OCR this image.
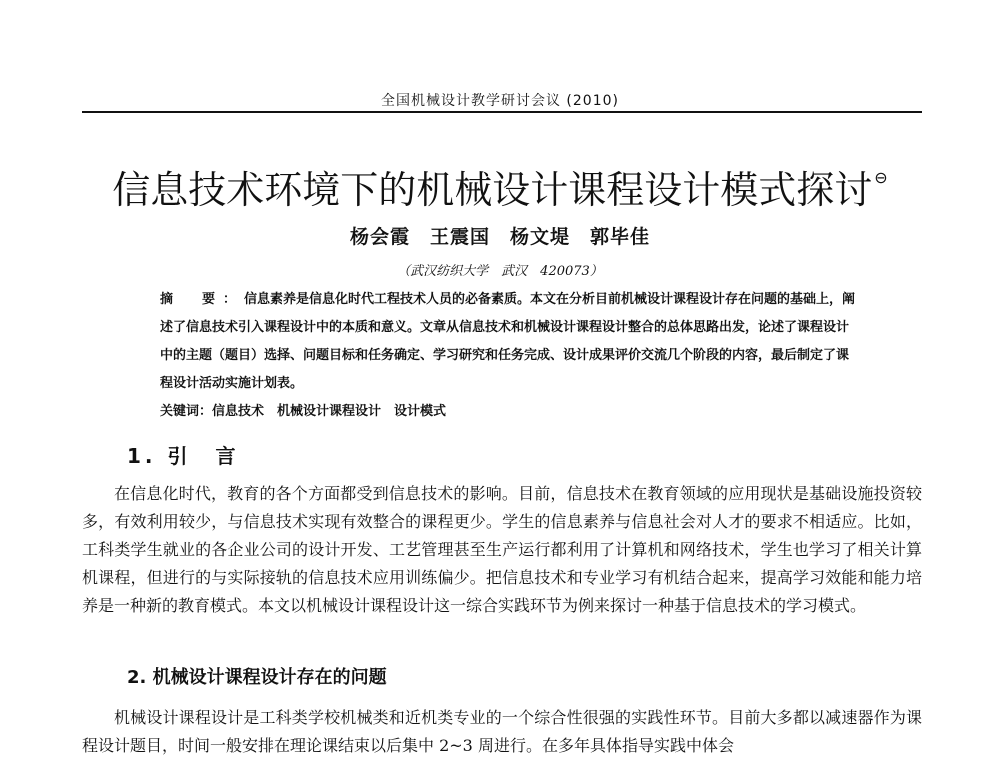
全国机械设计教学研讨会议 (2010)
信息技术环境下的机械设计课程设计模式探讨 ⊖
杨会霞　王震国　杨文堤　郭毕佳
（武汉纺织大学　武汉　420073）

摘　要：信息素养是信息化时代工程技术人员的必备素质。本文在分析目前机械设计课程设计存在问题的基础上，阐述了信息技术引入课程设计中的本质和意义。文章从信息技术和机械设计课程设计整合的总体思路出发，论述了课程设计中的主题（题目）选择、问题目标和任务确定、学习研究和任务完成、设计成果评价交流几个阶段的内容，最后制定了课程设计活动实施计划表。

关键词：信息技术　机械设计课程设计　设计模式

1. 引　言

在信息化时代，教育的各个方面都受到信息技术的影响。目前，信息技术在教育领域的应用现状是基础设施投资较多，有效利用较少，与信息技术实现有效整合的课程更少。学生的信息素养与信息社会对人才的要求不相适应。比如，工科类学生就业的各企业公司的设计开发、工艺管理甚至生产运行都利用了计算机和网络技术，学生也学习了相关计算机课程，但进行的与实际接轨的信息技术应用训练偏少。把信息技术和专业学习有机结合起来，提高学习效能和能力培养是一种新的教育模式。本文以机械设计课程设计这一综合实践环节为例来探讨一种基于信息技术的学习模式。

2. 机械设计课程设计存在的问题

机械设计课程设计是工科类学校机械类和近机类专业的一个综合性很强的实践性环节。目前大多都以减速器作为课程设计题目，时间一般安排在理论课结束以后集中 2~3 周进行。在多年具体指导实践中体会
